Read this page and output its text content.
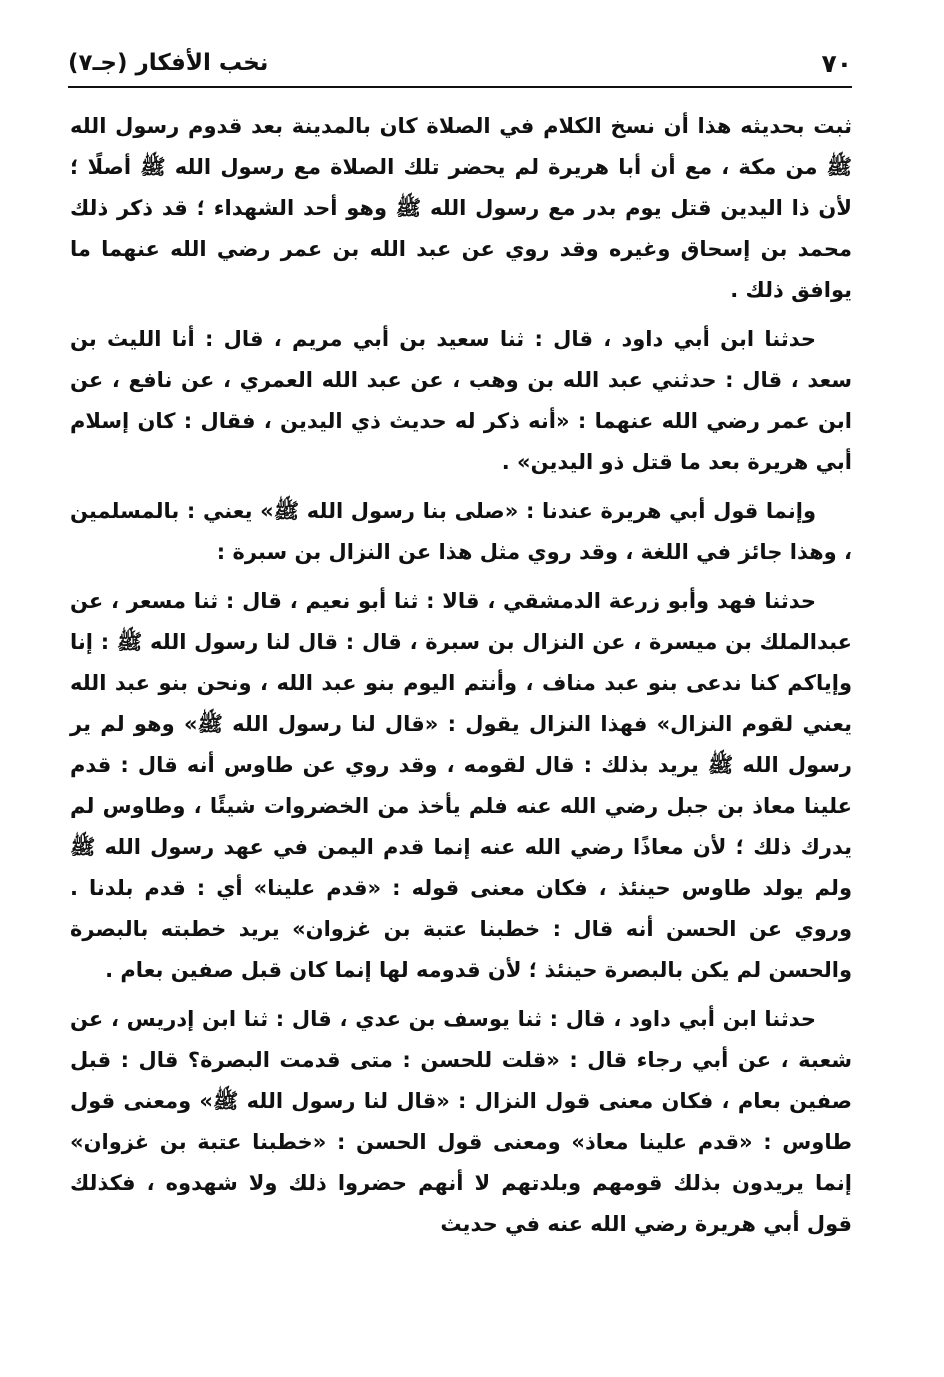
٧٠
نخب الأفكار (جـ٧)

ثبت بحديثه هذا أن نسخ الكلام في الصلاة كان بالمدينة بعد قدوم رسول الله ﷺ من مكة ، مع أن أبا هريرة لم يحضر تلك الصلاة مع رسول الله ﷺ أصلًا ؛ لأن ذا اليدين قتل يوم بدر مع رسول الله ﷺ وهو أحد الشهداء ؛ قد ذكر ذلك محمد بن إسحاق وغيره وقد روي عن عبد الله بن عمر رضي الله عنهما ما يوافق ذلك .

حدثنا ابن أبي داود ، قال : ثنا سعيد بن أبي مريم ، قال : أنا الليث بن سعد ، قال : حدثني عبد الله بن وهب ، عن عبد الله العمري ، عن نافع ، عن ابن عمر رضي الله عنهما : «أنه ذكر له حديث ذي اليدين ، فقال : كان إسلام أبي هريرة بعد ما قتل ذو اليدين» .

وإنما قول أبي هريرة عندنا : «صلى بنا رسول الله ﷺ» يعني : بالمسلمين ، وهذا جائز في اللغة ، وقد روي مثل هذا عن النزال بن سبرة :

حدثنا فهد وأبو زرعة الدمشقي ، قالا : ثنا أبو نعيم ، قال : ثنا مسعر ، عن عبدالملك بن ميسرة ، عن النزال بن سبرة ، قال : قال لنا رسول الله ﷺ : إنا وإياكم كنا ندعى بنو عبد مناف ، وأنتم اليوم بنو عبد الله ، ونحن بنو عبد الله يعني لقوم النزال» فهذا النزال يقول : «قال لنا رسول الله ﷺ» وهو لم ير رسول الله ﷺ يريد بذلك : قال لقومه ، وقد روي عن طاوس أنه قال : قدم علينا معاذ بن جبل رضي الله عنه فلم يأخذ من الخضروات شيئًا ، وطاوس لم يدرك ذلك ؛ لأن معاذًا رضي الله عنه إنما قدم اليمن في عهد رسول الله ﷺ ولم يولد طاوس حينئذ ، فكان معنى قوله : «قدم علينا» أي : قدم بلدنا . وروي عن الحسن أنه قال : خطبنا عتبة بن غزوان» يريد خطبته بالبصرة والحسن لم يكن بالبصرة حينئذ ؛ لأن قدومه لها إنما كان قبل صفين بعام .

حدثنا ابن أبي داود ، قال : ثنا يوسف بن عدي ، قال : ثنا ابن إدريس ، عن شعبة ، عن أبي رجاء قال : «قلت للحسن : متى قدمت البصرة؟ قال : قبل صفين بعام ، فكان معنى قول النزال : «قال لنا رسول الله ﷺ» ومعنى قول طاوس : «قدم علينا معاذ» ومعنى قول الحسن : «خطبنا عتبة بن غزوان» إنما يريدون بذلك قومهم وبلدتهم لا أنهم حضروا ذلك ولا شهدوه ، فكذلك قول أبي هريرة رضي الله عنه في حديث
